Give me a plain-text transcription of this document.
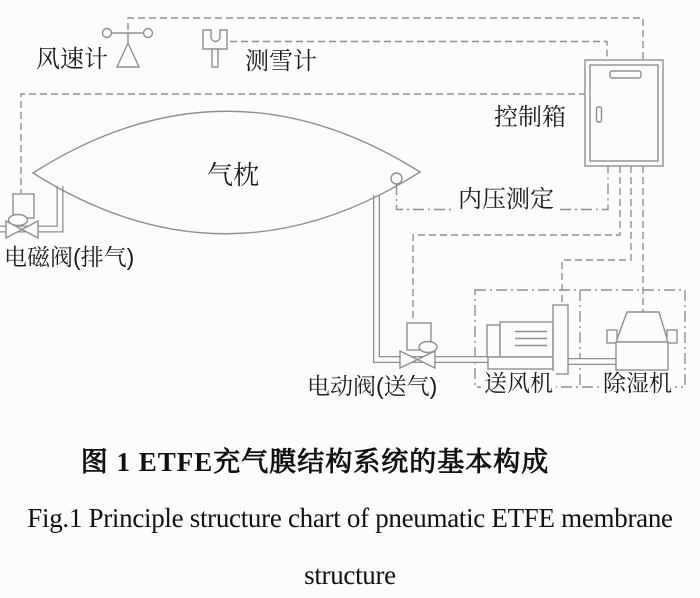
风速计	测雪计
气枕
控制箱
内压测定
电磁阀(排气)
电动阀(送气) 送风机 除湿机
图 1 ETFE充气膜结构系统的基本构成
Fig.1 Principle structure chart of pneumatic ETFE membrane
structure
